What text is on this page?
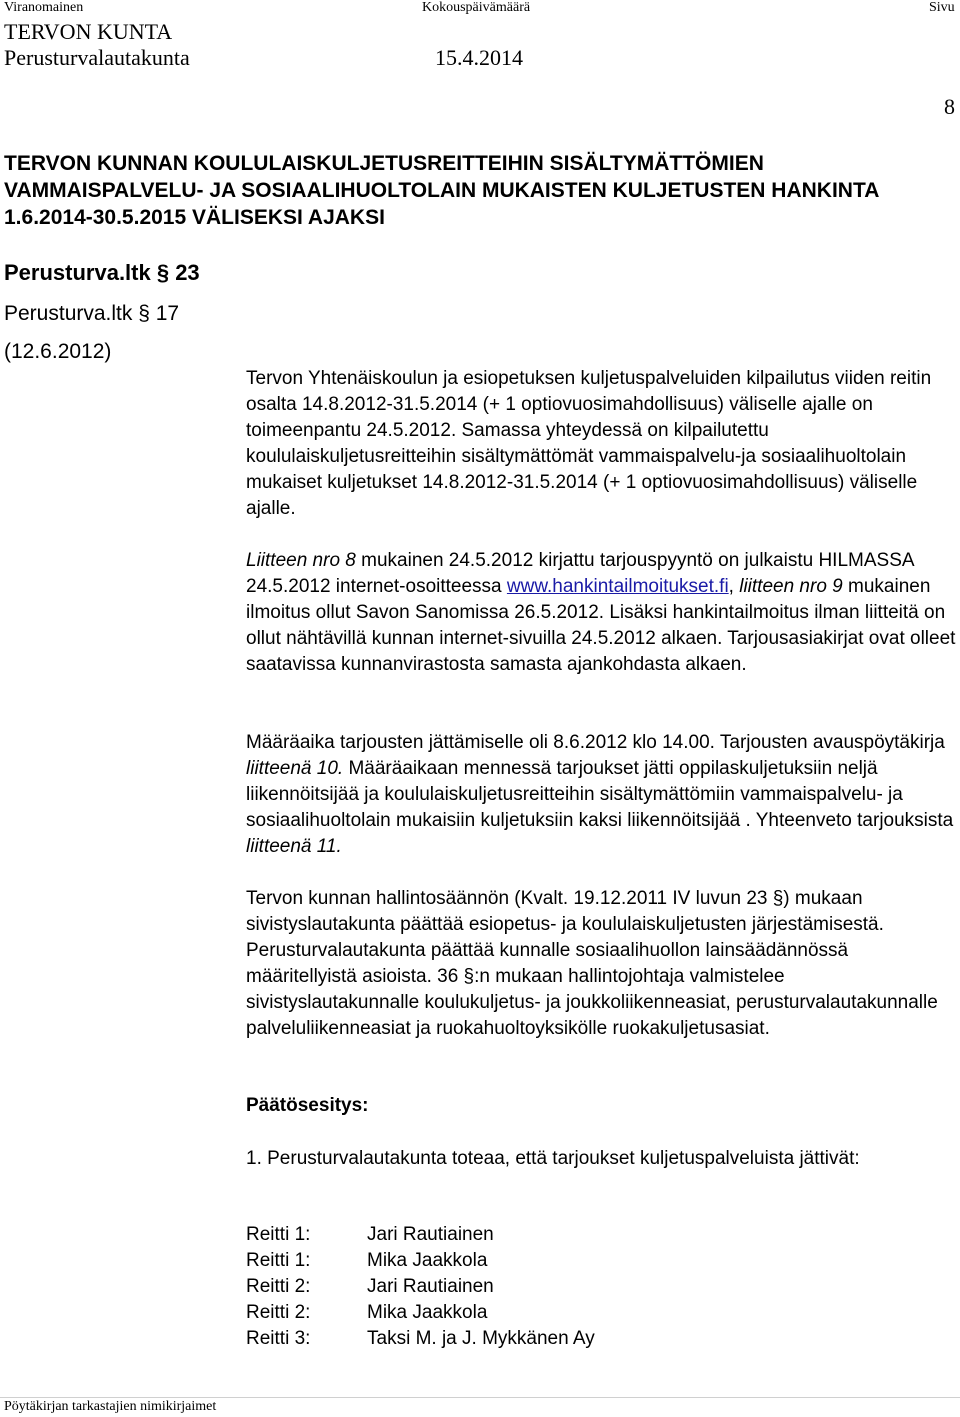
Viranomainen	Kokouspäivämäärä	Sivu
TERVON KUNTA
Perusturvalautakunta	15.4.2014
8
TERVON KUNNAN KOULULAISKULJETUSREITTEIHIN SISÄLTYMÄTTÖMIEN
VAMMAISPALVELU- JA SOSIAALIHUOLTOLAIN MUKAISTEN KULJETUSTEN HANKINTA
1.6.2014-30.5.2015 VÄLISEKSI AJAKSI
Perusturva.ltk § 23
Perusturva.ltk § 17
(12.6.2012)

Tervon Yhtenäiskoulun ja esiopetuksen kuljetuspalveluiden kilpailutus viiden reitin osalta 14.8.2012-31.5.2014 (+ 1 optiovuosimahdollisuus) väliselle ajalle on toimeenpantu 24.5.2012. Samassa yhteydessä on kilpailutettu koululaiskuljetusreitteihin sisältymättömät vammaispalvelu-ja sosiaalihuoltolain mukaiset kuljetukset 14.8.2012-31.5.2014 (+ 1 optiovuosimahdollisuus) väliselle ajalle.

Liitteen nro 8 mukainen 24.5.2012 kirjattu tarjouspyyntö on julkaistu HILMASSA 24.5.2012 internet-osoitteessa www.hankintailmoitukset.fi, liitteen nro 9 mukainen ilmoitus ollut Savon Sanomissa 26.5.2012. Lisäksi hankintailmoitus ilman liitteitä on ollut nähtävillä kunnan internet-sivuilla 24.5.2012 alkaen. Tarjousasiakirjat ovat olleet saatavissa kunnanvirastosta samasta ajankohdasta alkaen.

Määräaika tarjousten jättämiselle oli 8.6.2012 klo 14.00. Tarjousten avauspöytäkirja liitteenä 10. Määräaikaan mennessä tarjoukset jätti oppilaskuljetuksiin neljä liikennöitsijää ja koululaiskuljetusreitteihin sisältymättömiin vammaispalvelu- ja sosiaalihuoltolain mukaisiin kuljetuksiin kaksi liikennöitsijää . Yhteenveto tarjouksista liitteenä 11.

Tervon kunnan hallintosäännön (Kvalt. 19.12.2011 IV luvun 23 §) mukaan sivistyslautakunta päättää esiopetus- ja koululaiskuljetusten järjestämisestä. Perusturvalautakunta päättää kunnalle sosiaalihuollon lainsäädännössä määritellyistä asioista. 36 §:n mukaan hallintojohtaja valmistelee sivistyslautakunnalle koulukuljetus- ja joukkoliikenneasiat, perusturvalautakunnalle palveluliikenneasiat ja ruokahuoltoyksikölle ruokakuljetusasiat.

Päätösesitys:
1. Perusturvalautakunta toteaa, että tarjoukset kuljetuspalveluista jättivät:
Reitti 1:	Jari Rautiainen
Reitti 1:	Mika Jaakkola
Reitti 2:	Jari Rautiainen
Reitti 2:	Mika Jaakkola
Reitti 3:	Taksi M. ja J. Mykkänen Ay
Pöytäkirjan tarkastajien nimikirjaimet
